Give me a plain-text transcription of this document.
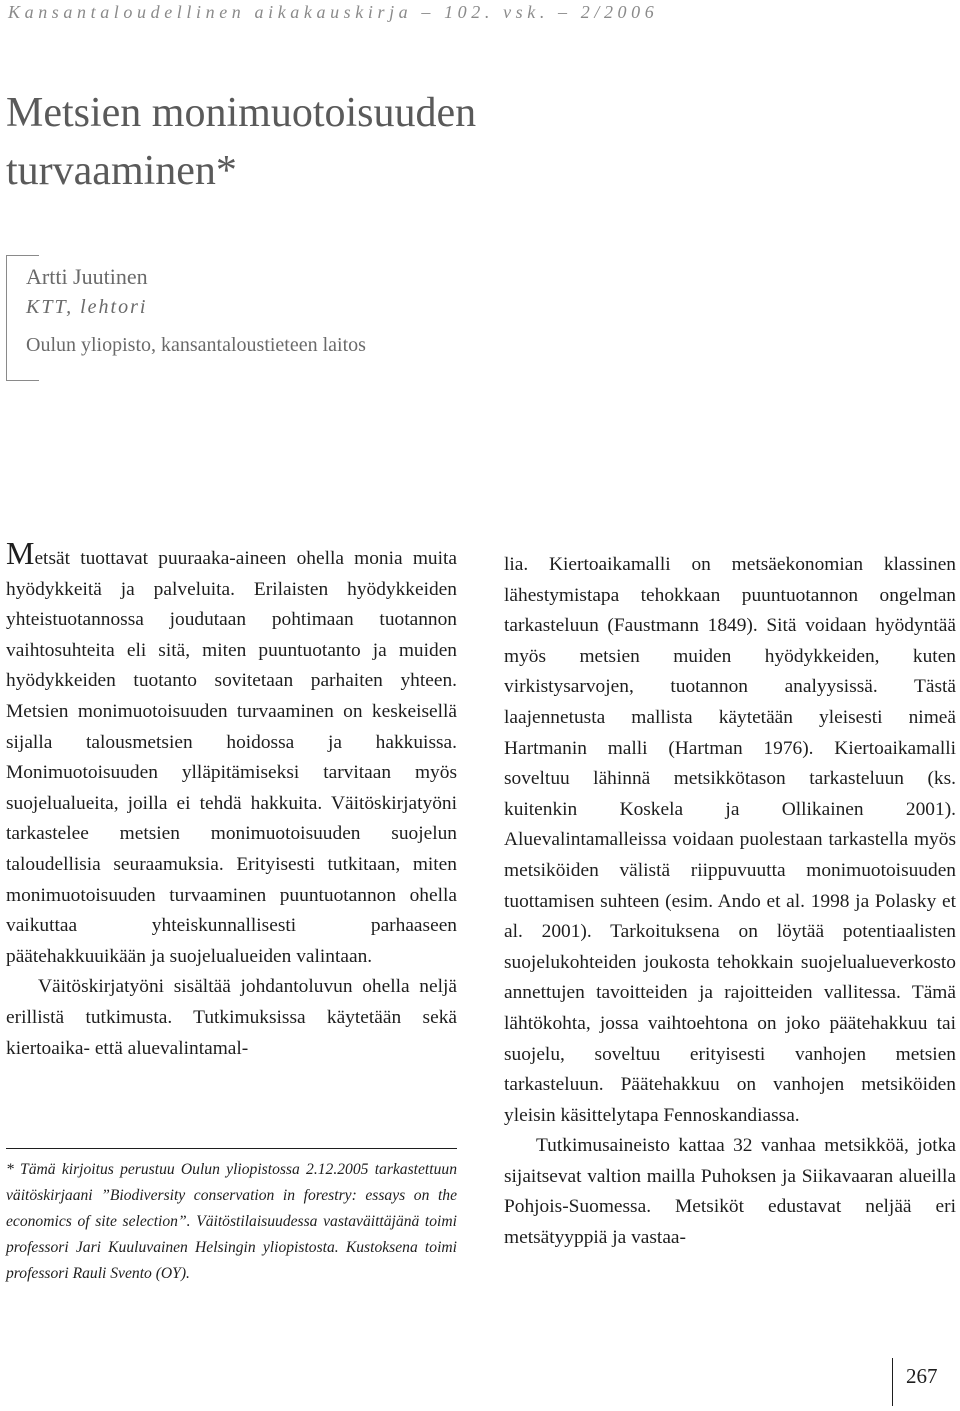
Kansantaloudellinen aikakauskirja – 102. vsk. – 2/2006
Metsien monimuotoisuuden
turvaaminen*

Artti Juutinen

KTT, lehtori

Oulun yliopisto, kansantaloustieteen laitos

Metsät tuottavat puuraaka-aineen ohella monia muita hyödykkeitä ja palveluita. Erilaisten hyödykkeiden yhteistuotannossa joudutaan pohtimaan tuotannon vaihtosuhteita eli sitä, miten puuntuotanto ja muiden hyödykkeiden tuotanto sovitetaan parhaiten yhteen. Metsien monimuotoisuuden turvaaminen on keskeisellä sijalla talousmetsien hoidossa ja hakkuissa. Monimuotoisuuden ylläpitämiseksi tarvitaan myös suojelualueita, joilla ei tehdä hakkuita. Väitöskirjatyöni tarkastelee metsien monimuotoisuuden suojelun taloudellisia seuraamuksia. Erityisesti tutkitaan, miten monimuotoisuuden turvaaminen puuntuotannon ohella vaikuttaa yhteiskunnallisesti parhaaseen päätehakkuuikään ja suojelualueiden valintaan.

Väitöskirjatyöni sisältää johdantoluvun ohella neljä erillistä tutkimusta. Tutkimuksissa käytetään sekä kiertoaika- että aluevalintamal-

* Tämä kirjoitus perustuu Oulun yliopistossa 2.12.2005 tarkastettuun väitöskirjaani ”Biodiversity conservation in forestry: essays on the economics of site selection”. Väitöstilaisuudessa vastaväittäjänä toimi professori Jari Kuuluvainen Helsingin yliopistosta. Kustoksena toimi professori Rauli Svento (OY).

lia. Kiertoaikamalli on metsäekonomian klassinen lähestymistapa tehokkaan puuntuotannon ongelman tarkasteluun (Faustmann 1849). Sitä voidaan hyödyntää myös metsien muiden hyödykkeiden, kuten virkistysarvojen, tuotannon analyysissä. Tästä laajennetusta mallista käytetään yleisesti nimeä Hartmanin malli (Hartman 1976). Kiertoaikamalli soveltuu lähinnä metsikkötason tarkasteluun (ks. kuitenkin Koskela ja Ollikainen 2001). Aluevalintamalleissa voidaan puolestaan tarkastella myös metsiköiden välistä riippuvuutta monimuotoisuuden tuottamisen suhteen (esim. Ando et al. 1998 ja Polasky et al. 2001). Tarkoituksena on löytää potentiaalisten suojelukohteiden joukosta tehokkain suojelualueverkosto annettujen tavoitteiden ja rajoitteiden vallitessa. Tämä lähtökohta, jossa vaihtoehtona on joko päätehakkuu tai suojelu, soveltuu erityisesti vanhojen metsien tarkasteluun. Päätehakkuu on vanhojen metsiköiden yleisin käsittelytapa Fennoskandiassa.

Tutkimusaineisto kattaa 32 vanhaa metsikköä, jotka sijaitsevat valtion mailla Puhoksen ja Siikavaaran alueilla Pohjois-Suomessa. Metsiköt edustavat neljää eri metsätyyppiä ja vastaa-

267
